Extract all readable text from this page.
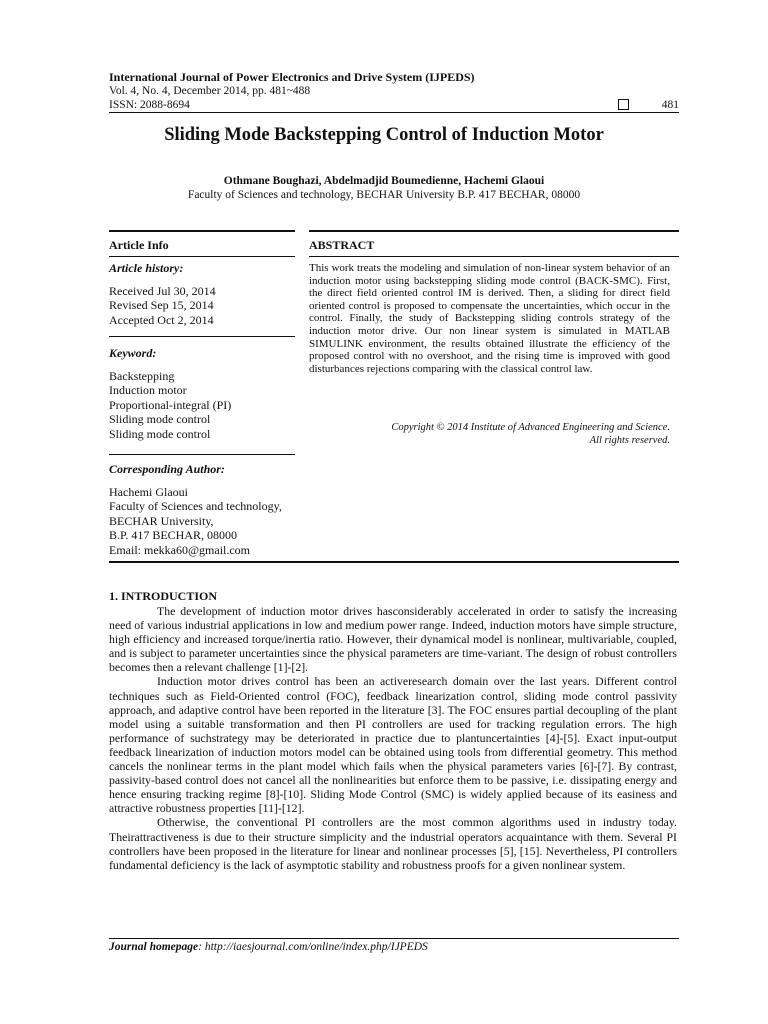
International Journal of Power Electronics and Drive System (IJPEDS)
Vol. 4, No. 4, December 2014, pp. 481~488
ISSN: 2088-8694	481
Sliding Mode Backstepping Control of Induction Motor
Othmane Boughazi, Abdelmadjid Boumedienne, Hachemi Glaoui
Faculty of Sciences and technology, BECHAR University B.P. 417 BECHAR, 08000
Article Info
Article history:
Received Jul 30, 2014
Revised Sep 15, 2014
Accepted Oct 2, 2014
Keyword:
Backstepping
Induction motor
Proportional-integral (PI)
Sliding mode control
Sliding mode control
Corresponding Author:
Hachemi Glaoui
Faculty of Sciences and technology,
BECHAR University,
B.P. 417 BECHAR, 08000
Email: mekka60@gmail.com
ABSTRACT
This work treats the modeling and simulation of non-linear system behavior of an induction motor using backstepping sliding mode control (BACK-SMC). First, the direct field oriented control IM is derived. Then, a sliding for direct field oriented control is proposed to compensate the uncertainties, which occur in the control. Finally, the study of Backstepping sliding controls strategy of the induction motor drive. Our non linear system is simulated in MATLAB SIMULINK environment, the results obtained illustrate the efficiency of the proposed control with no overshoot, and the rising time is improved with good disturbances rejections comparing with the classical control law.
Copyright © 2014 Institute of Advanced Engineering and Science.
All rights reserved.
1. INTRODUCTION

The development of induction motor drives hasconsiderably accelerated in order to satisfy the increasing need of various industrial applications in low and medium power range. Indeed, induction motors have simple structure, high efficiency and increased torque/inertia ratio. However, their dynamical model is nonlinear, multivariable, coupled, and is subject to parameter uncertainties since the physical parameters are time-variant. The design of robust controllers becomes then a relevant challenge [1]-[2].

Induction motor drives control has been an activeresearch domain over the last years. Different control techniques such as Field-Oriented control (FOC), feedback linearization control, sliding mode control passivity approach, and adaptive control have been reported in the literature [3]. The FOC ensures partial decoupling of the plant model using a suitable transformation and then PI controllers are used for tracking regulation errors. The high performance of suchstrategy may be deteriorated in practice due to plantuncertainties [4]-[5]. Exact input-output feedback linearization of induction motors model can be obtained using tools from differential geometry. This method cancels the nonlinear terms in the plant model which fails when the physical parameters varies [6]-[7]. By contrast, passivity-based control does not cancel all the nonlinearities but enforce them to be passive, i.e. dissipating energy and hence ensuring tracking regime [8]-[10]. Sliding Mode Control (SMC) is widely applied because of its easiness and attractive robustness properties [11]-[12].

Otherwise, the conventional PI controllers are the most common algorithms used in industry today. Theirattractiveness is due to their structure simplicity and the industrial operators acquaintance with them. Several PI controllers have been proposed in the literature for linear and nonlinear processes [5], [15]. Nevertheless, PI controllers fundamental deficiency is the lack of asymptotic stability and robustness proofs for a given nonlinear system.

Journal homepage: http://iaesjournal.com/online/index.php/IJPEDS
